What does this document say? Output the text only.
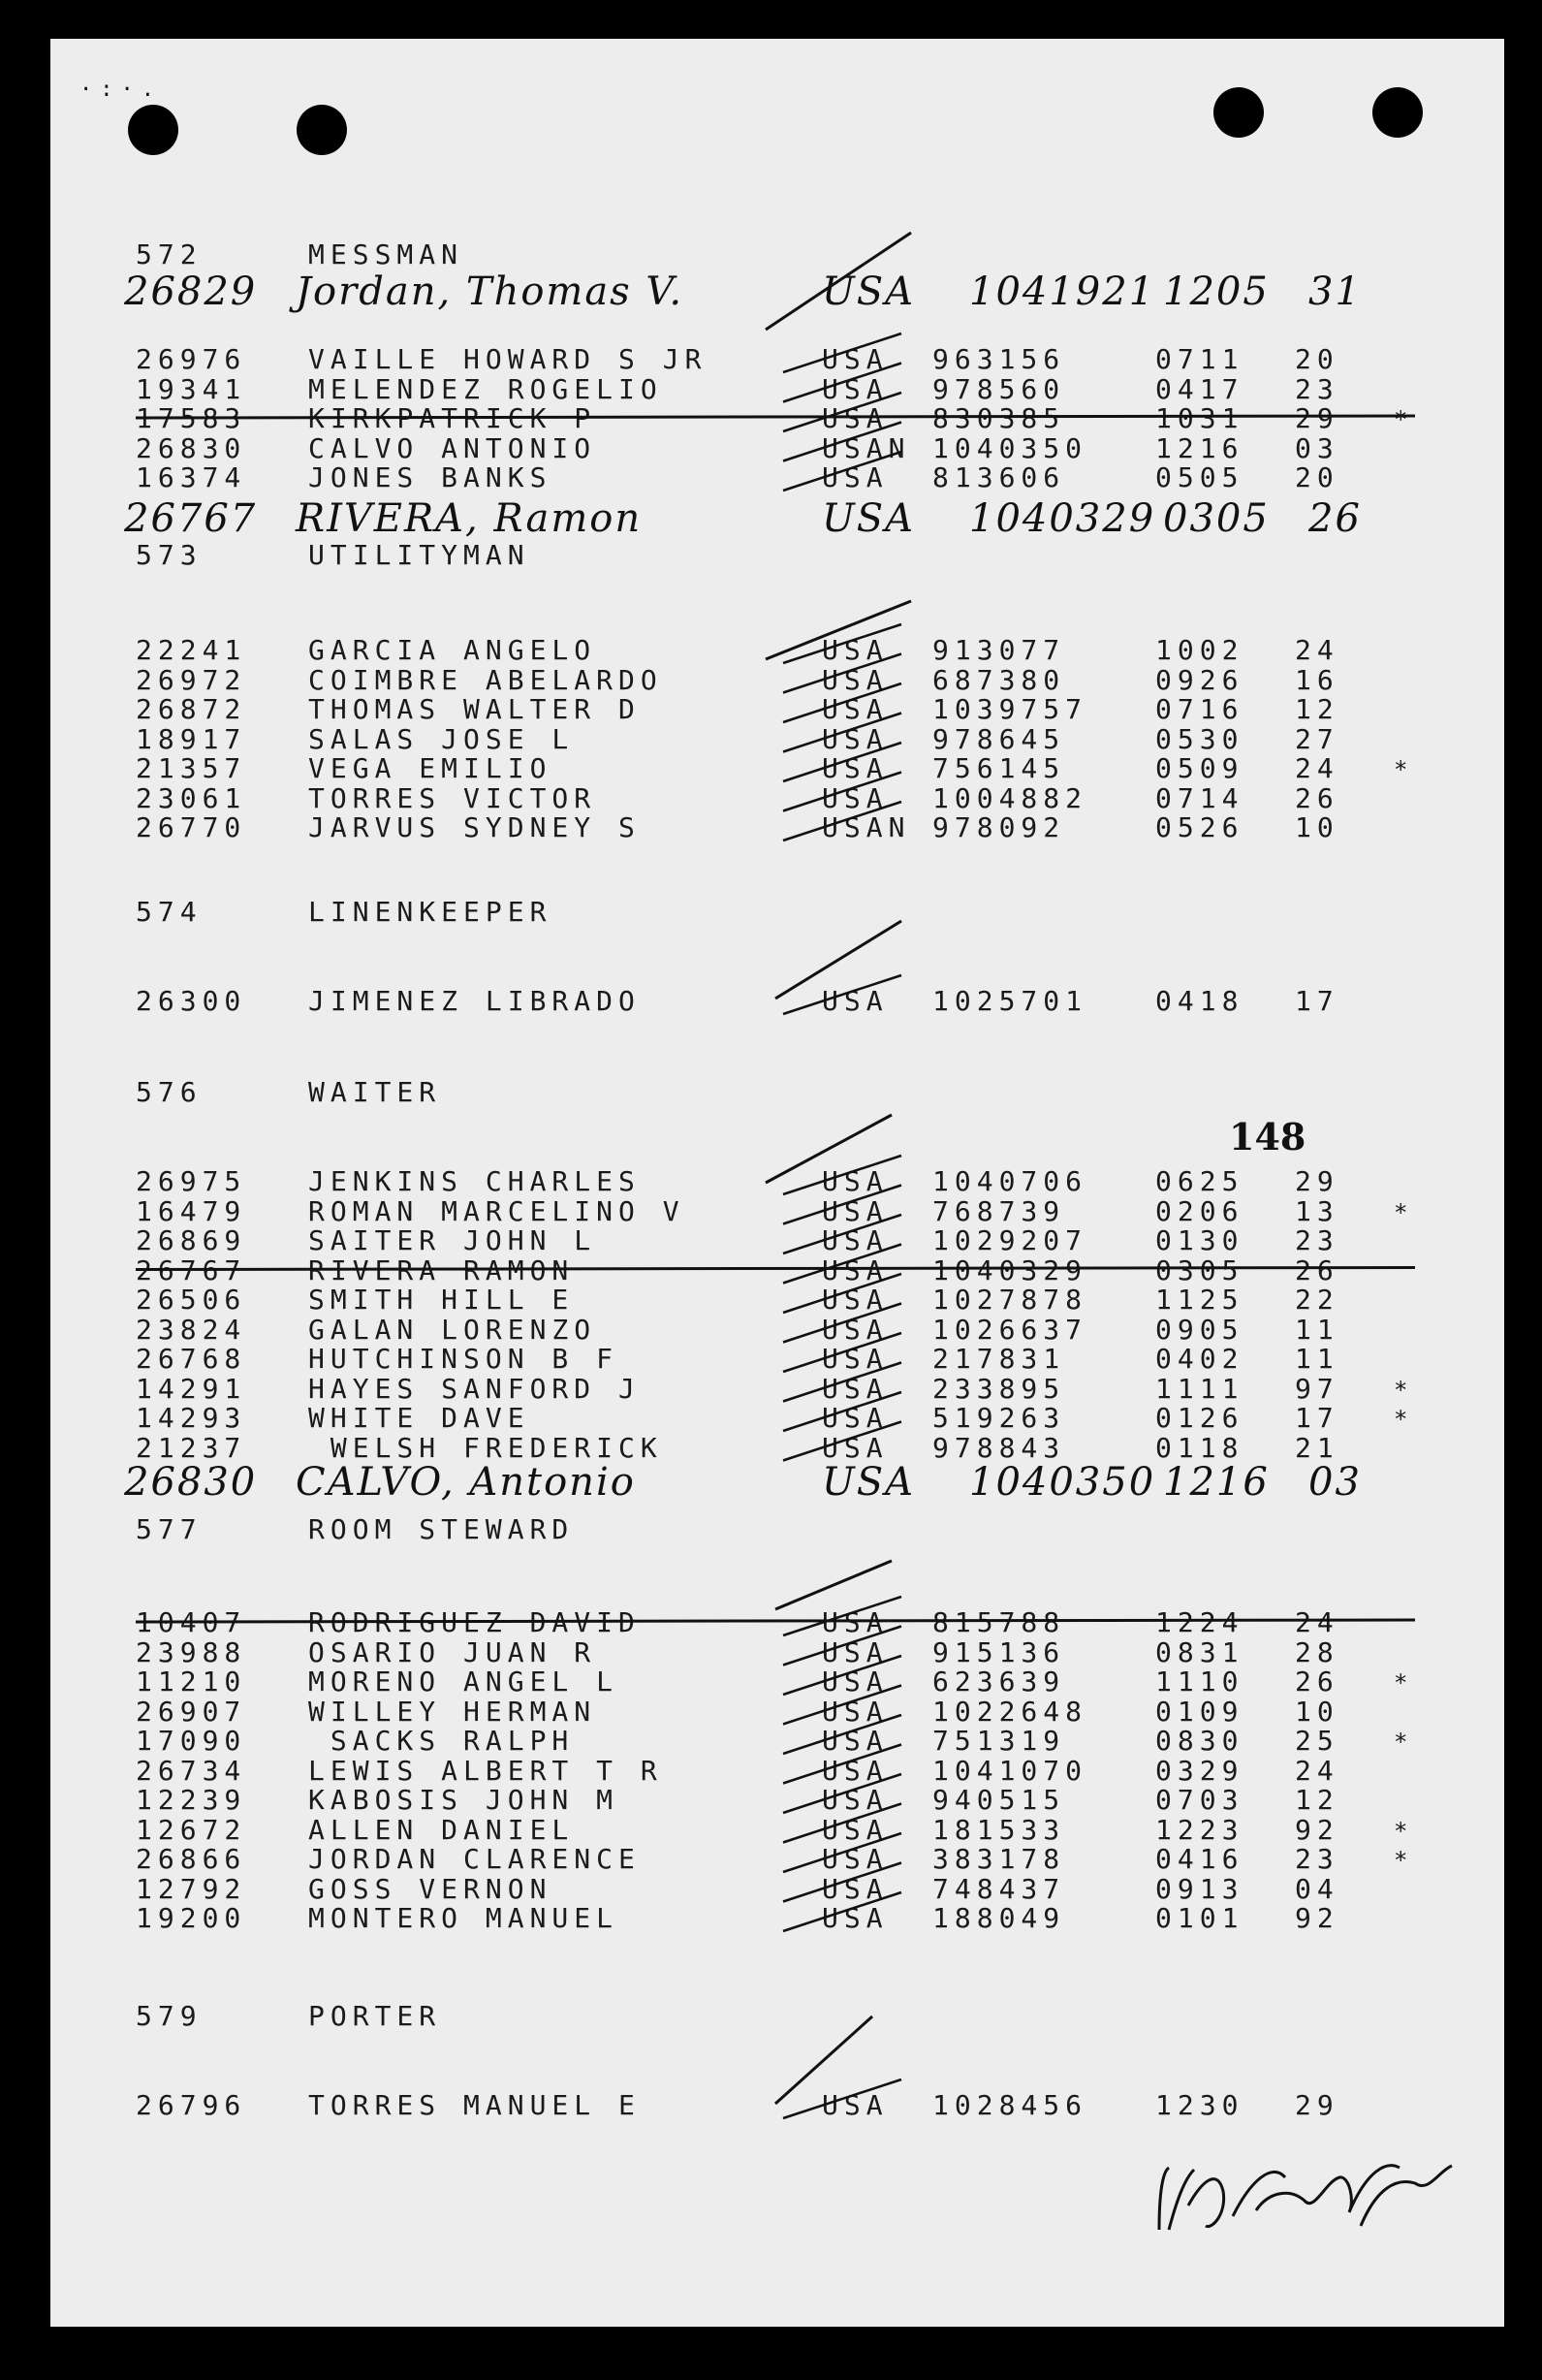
·:·.
572	MESSMAN
26976 VAILLE HOWARD S JR	USA 963156	0711 20
19341 MELENDEZ ROGELIO	USA 978560	0417 23
17583 KIRKPATRICK P	USA 830385	1031 29 *
26830 CALVO ANTONIO	USAN 1040350 1216 03
16374 JONES BANKS	USA 813606	0505 20
573	UTILITYMAN
22241 GARCIA ANGELO	USA 913077	1002 24
26972 COIMBRE ABELARDO	USA 687380	0926 16
26872 THOMAS WALTER D	USA 1039757 0716 12
18917 SALAS JOSE L	USA 978645	0530 27
21357 VEGA EMILIO	USA 756145	0509 24 *
23061 TORRES VICTOR	USA 1004882 0714 26
26770 JARVUS SYDNEY S	USAN 978092	0526 10
574	LINENKEEPER
26300 JIMENEZ LIBRADO	USA 1025701 0418 17
576	WAITER
26975 JENKINS CHARLES	USA 1040706 0625 29
16479 ROMAN MARCELINO V	USA 768739	0206 13 *
26869 SAITER JOHN L	USA 1029207 0130 23
26767 RIVERA RAMON	USA 1040329 0305 26
26506 SMITH HILL E	USA 1027878 1125 22
23824 GALAN LORENZO	USA 1026637 0905 11
26768 HUTCHINSON B F	USA 217831	0402 11
14291 HAYES SANFORD J	USA 233895	1111 97 *
14293 WHITE DAVE	USA 519263	0126 17 *
21237 WELSH FREDERICK	USA 978843	0118 21
577	ROOM STEWARD
10407 RODRIGUEZ DAVID	USA 815788	1224 24
23988 OSARIO JUAN R	USA 915136	0831 28
11210 MORENO ANGEL L	USA 623639	1110 26 *
26907 WILLEY HERMAN	USA 1022648 0109 10
17090 SACKS RALPH	USA 751319	0830 25 *
26734 LEWIS ALBERT T R	USA 1041070 0329 24
12239 KABOSIS JOHN M	USA 940515	0703 12
12672 ALLEN DANIEL	USA 181533	1223 92 *
26866 JORDAN CLARENCE	USA 383178	0416 23 *
12792 GOSS VERNON	USA 748437	0913 04
19200 MONTERO MANUEL	USA 188049	0101 92
579	PORTER
26796 TORRES MANUEL E	USA 1028456 1230 29
26829 Jordan, Thomas V.	USA 1041921 1205 31
26767 RIVERA, Ramon	USA 1040329 0305 26
26830 CALVO, Antonio	USA 1040350 1216 03
148
